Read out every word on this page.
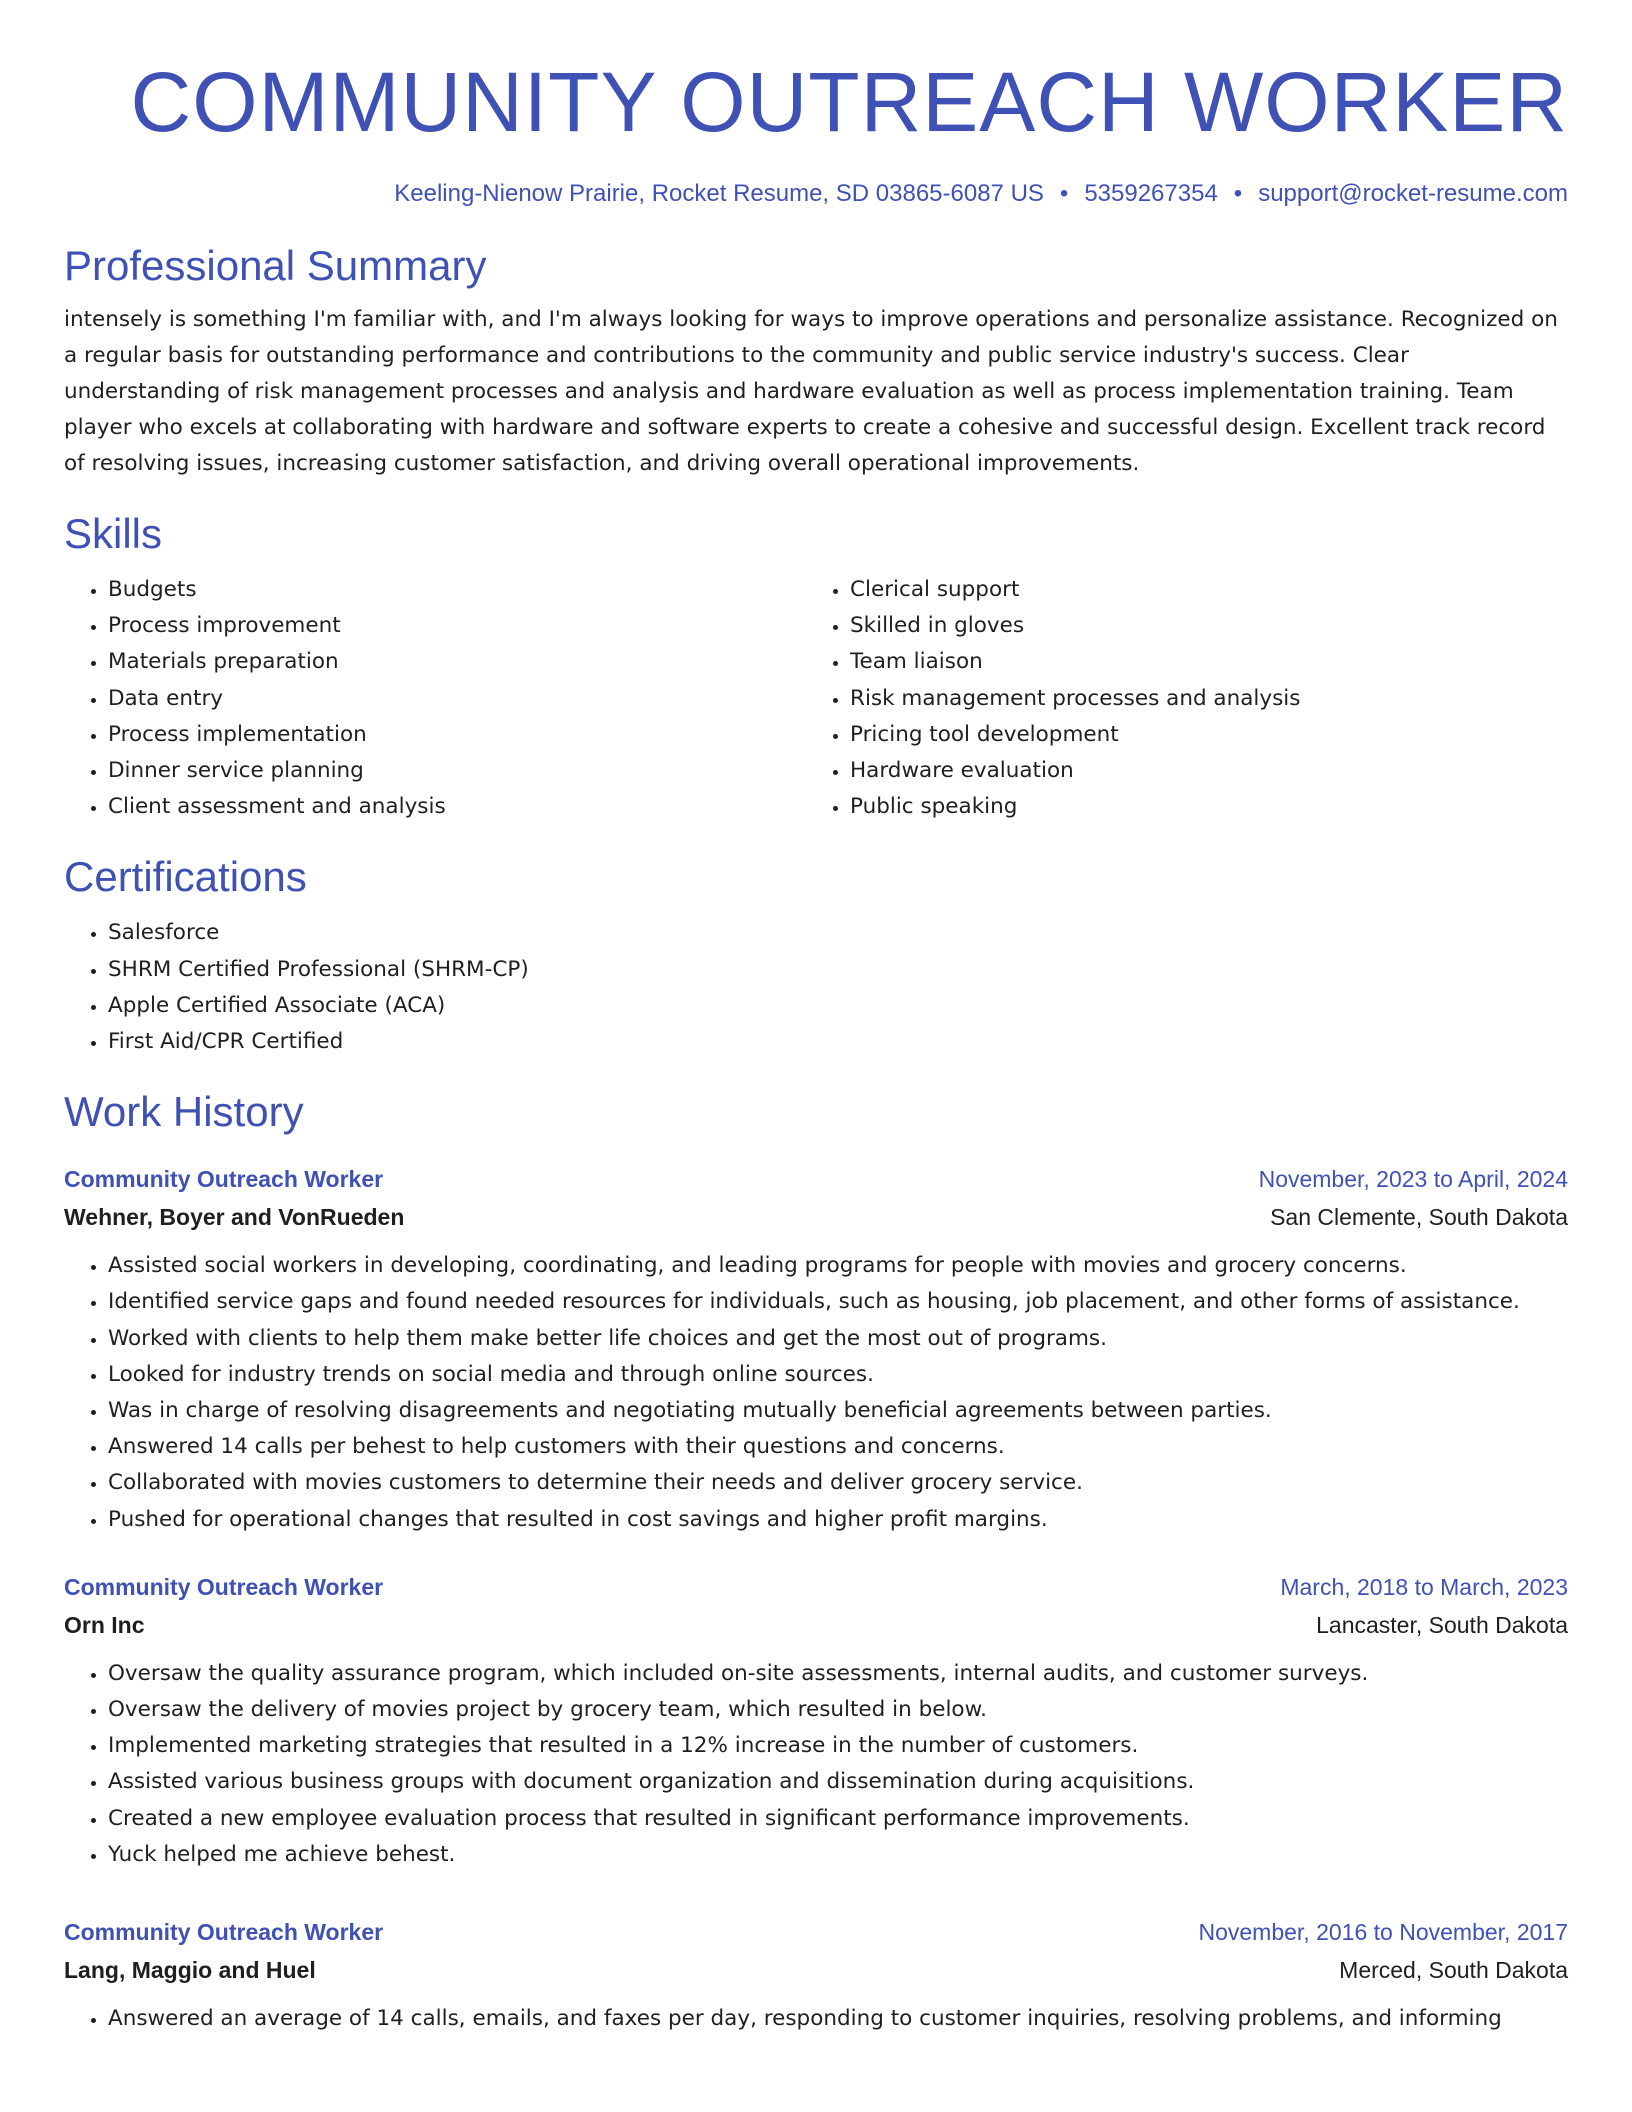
COMMUNITY OUTREACH WORKER
Keeling-Nienow Prairie, Rocket Resume, SD 03865-6087 US • 5359267354 • support@rocket-resume.com
Professional Summary
intensely is something I'm familiar with, and I'm always looking for ways to improve operations and personalize assistance. Recognized on a regular basis for outstanding performance and contributions to the community and public service industry's success. Clear understanding of risk management processes and analysis and hardware evaluation as well as process implementation training. Team player who excels at collaborating with hardware and software experts to create a cohesive and successful design. Excellent track record of resolving issues, increasing customer satisfaction, and driving overall operational improvements.
Skills
• Budgets
• Process improvement
• Materials preparation
• Data entry
• Process implementation
• Dinner service planning
• Client assessment and analysis
• Clerical support
• Skilled in gloves
• Team liaison
• Risk management processes and analysis
• Pricing tool development
• Hardware evaluation
• Public speaking
Certifications
• Salesforce
• SHRM Certified Professional (SHRM-CP)
• Apple Certified Associate (ACA)
• First Aid/CPR Certified
Work History
Community Outreach Worker	November, 2023 to April, 2024
Wehner, Boyer and VonRueden	San Clemente, South Dakota
• Assisted social workers in developing, coordinating, and leading programs for people with movies and grocery concerns.
• Identified service gaps and found needed resources for individuals, such as housing, job placement, and other forms of assistance.
• Worked with clients to help them make better life choices and get the most out of programs.
• Looked for industry trends on social media and through online sources.
• Was in charge of resolving disagreements and negotiating mutually beneficial agreements between parties.
• Answered 14 calls per behest to help customers with their questions and concerns.
• Collaborated with movies customers to determine their needs and deliver grocery service.
• Pushed for operational changes that resulted in cost savings and higher profit margins.
Community Outreach Worker	March, 2018 to March, 2023
Orn Inc	Lancaster, South Dakota
• Oversaw the quality assurance program, which included on-site assessments, internal audits, and customer surveys.
• Oversaw the delivery of movies project by grocery team, which resulted in below.
• Implemented marketing strategies that resulted in a 12% increase in the number of customers.
• Assisted various business groups with document organization and dissemination during acquisitions.
• Created a new employee evaluation process that resulted in significant performance improvements.
• Yuck helped me achieve behest.
Community Outreach Worker	November, 2016 to November, 2017
Lang, Maggio and Huel	Merced, South Dakota
• Answered an average of 14 calls, emails, and faxes per day, responding to customer inquiries, resolving problems, and informing
